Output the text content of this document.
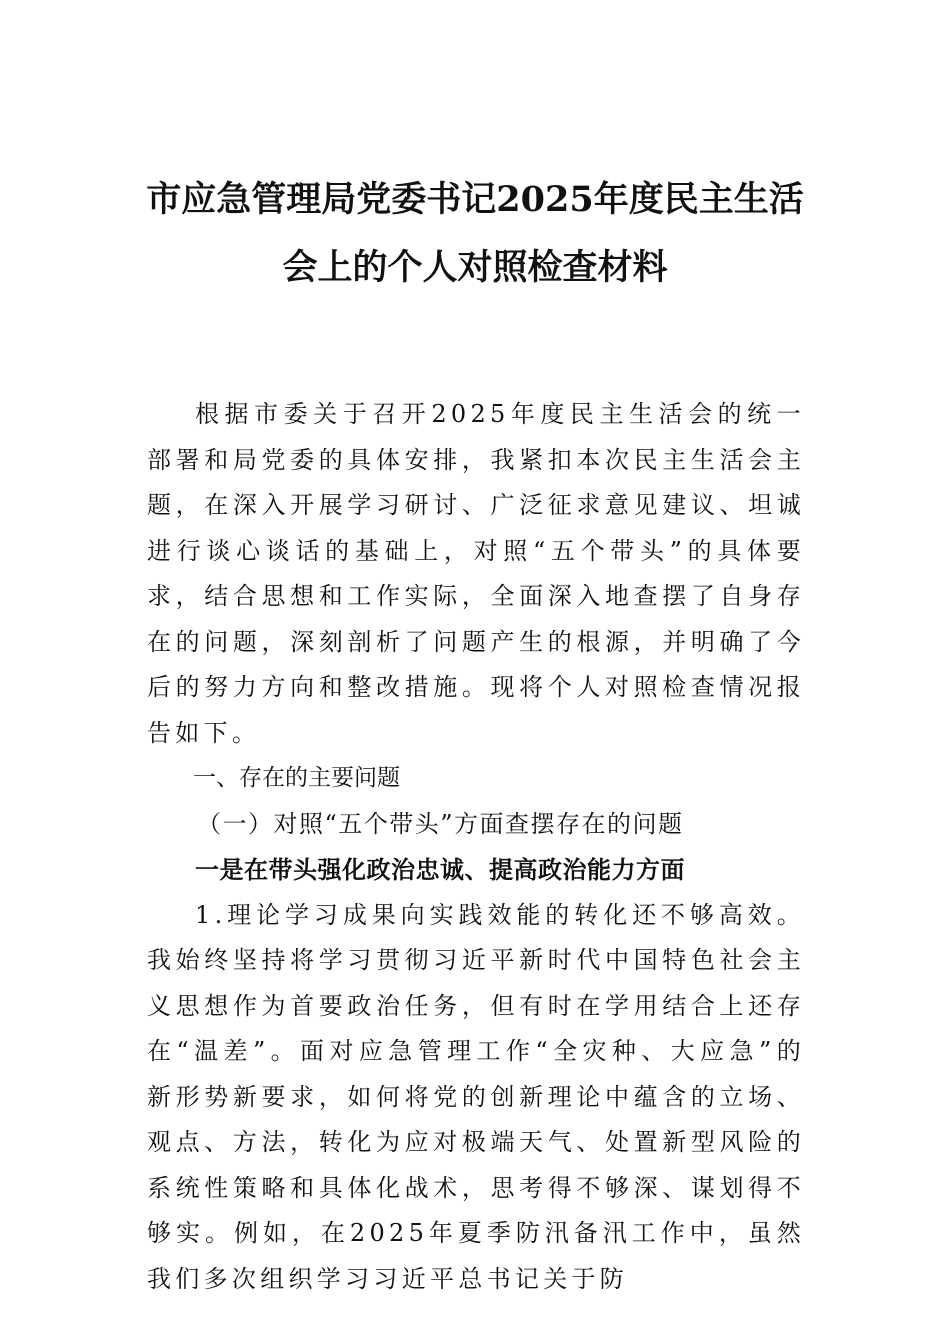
市应急管理局党委书记2025年度民主生活
会上的个人对照检查材料

根据市委关于召开2025年度民主生活会的统一部署和局党委的具体安排，我紧扣本次民主生活会主题，在深入开展学习研讨、广泛征求意见建议、坦诚进行谈心谈话的基础上，对照“五个带头”的具体要求，结合思想和工作实际，全面深入地查摆了自身存在的问题，深刻剖析了问题产生的根源，并明确了今后的努力方向和整改措施。现将个人对照检查情况报告如下。

一、存在的主要问题

（一）对照“五个带头”方面查摆存在的问题

一是在带头强化政治忠诚、提高政治能力方面

1.理论学习成果向实践效能的转化还不够高效。我始终坚持将学习贯彻习近平新时代中国特色社会主义思想作为首要政治任务，但有时在学用结合上还存在“温差”。面对应急管理工作“全灾种、大应急”的新形势新要求，如何将党的创新理论中蕴含的立场、观点、方法，转化为应对极端天气、处置新型风险的系统性策略和具体化战术，思考得不够深、谋划得不够实。例如，在2025年夏季防汛备汛工作中，虽然我们多次组织学习习近平总书记关于防
